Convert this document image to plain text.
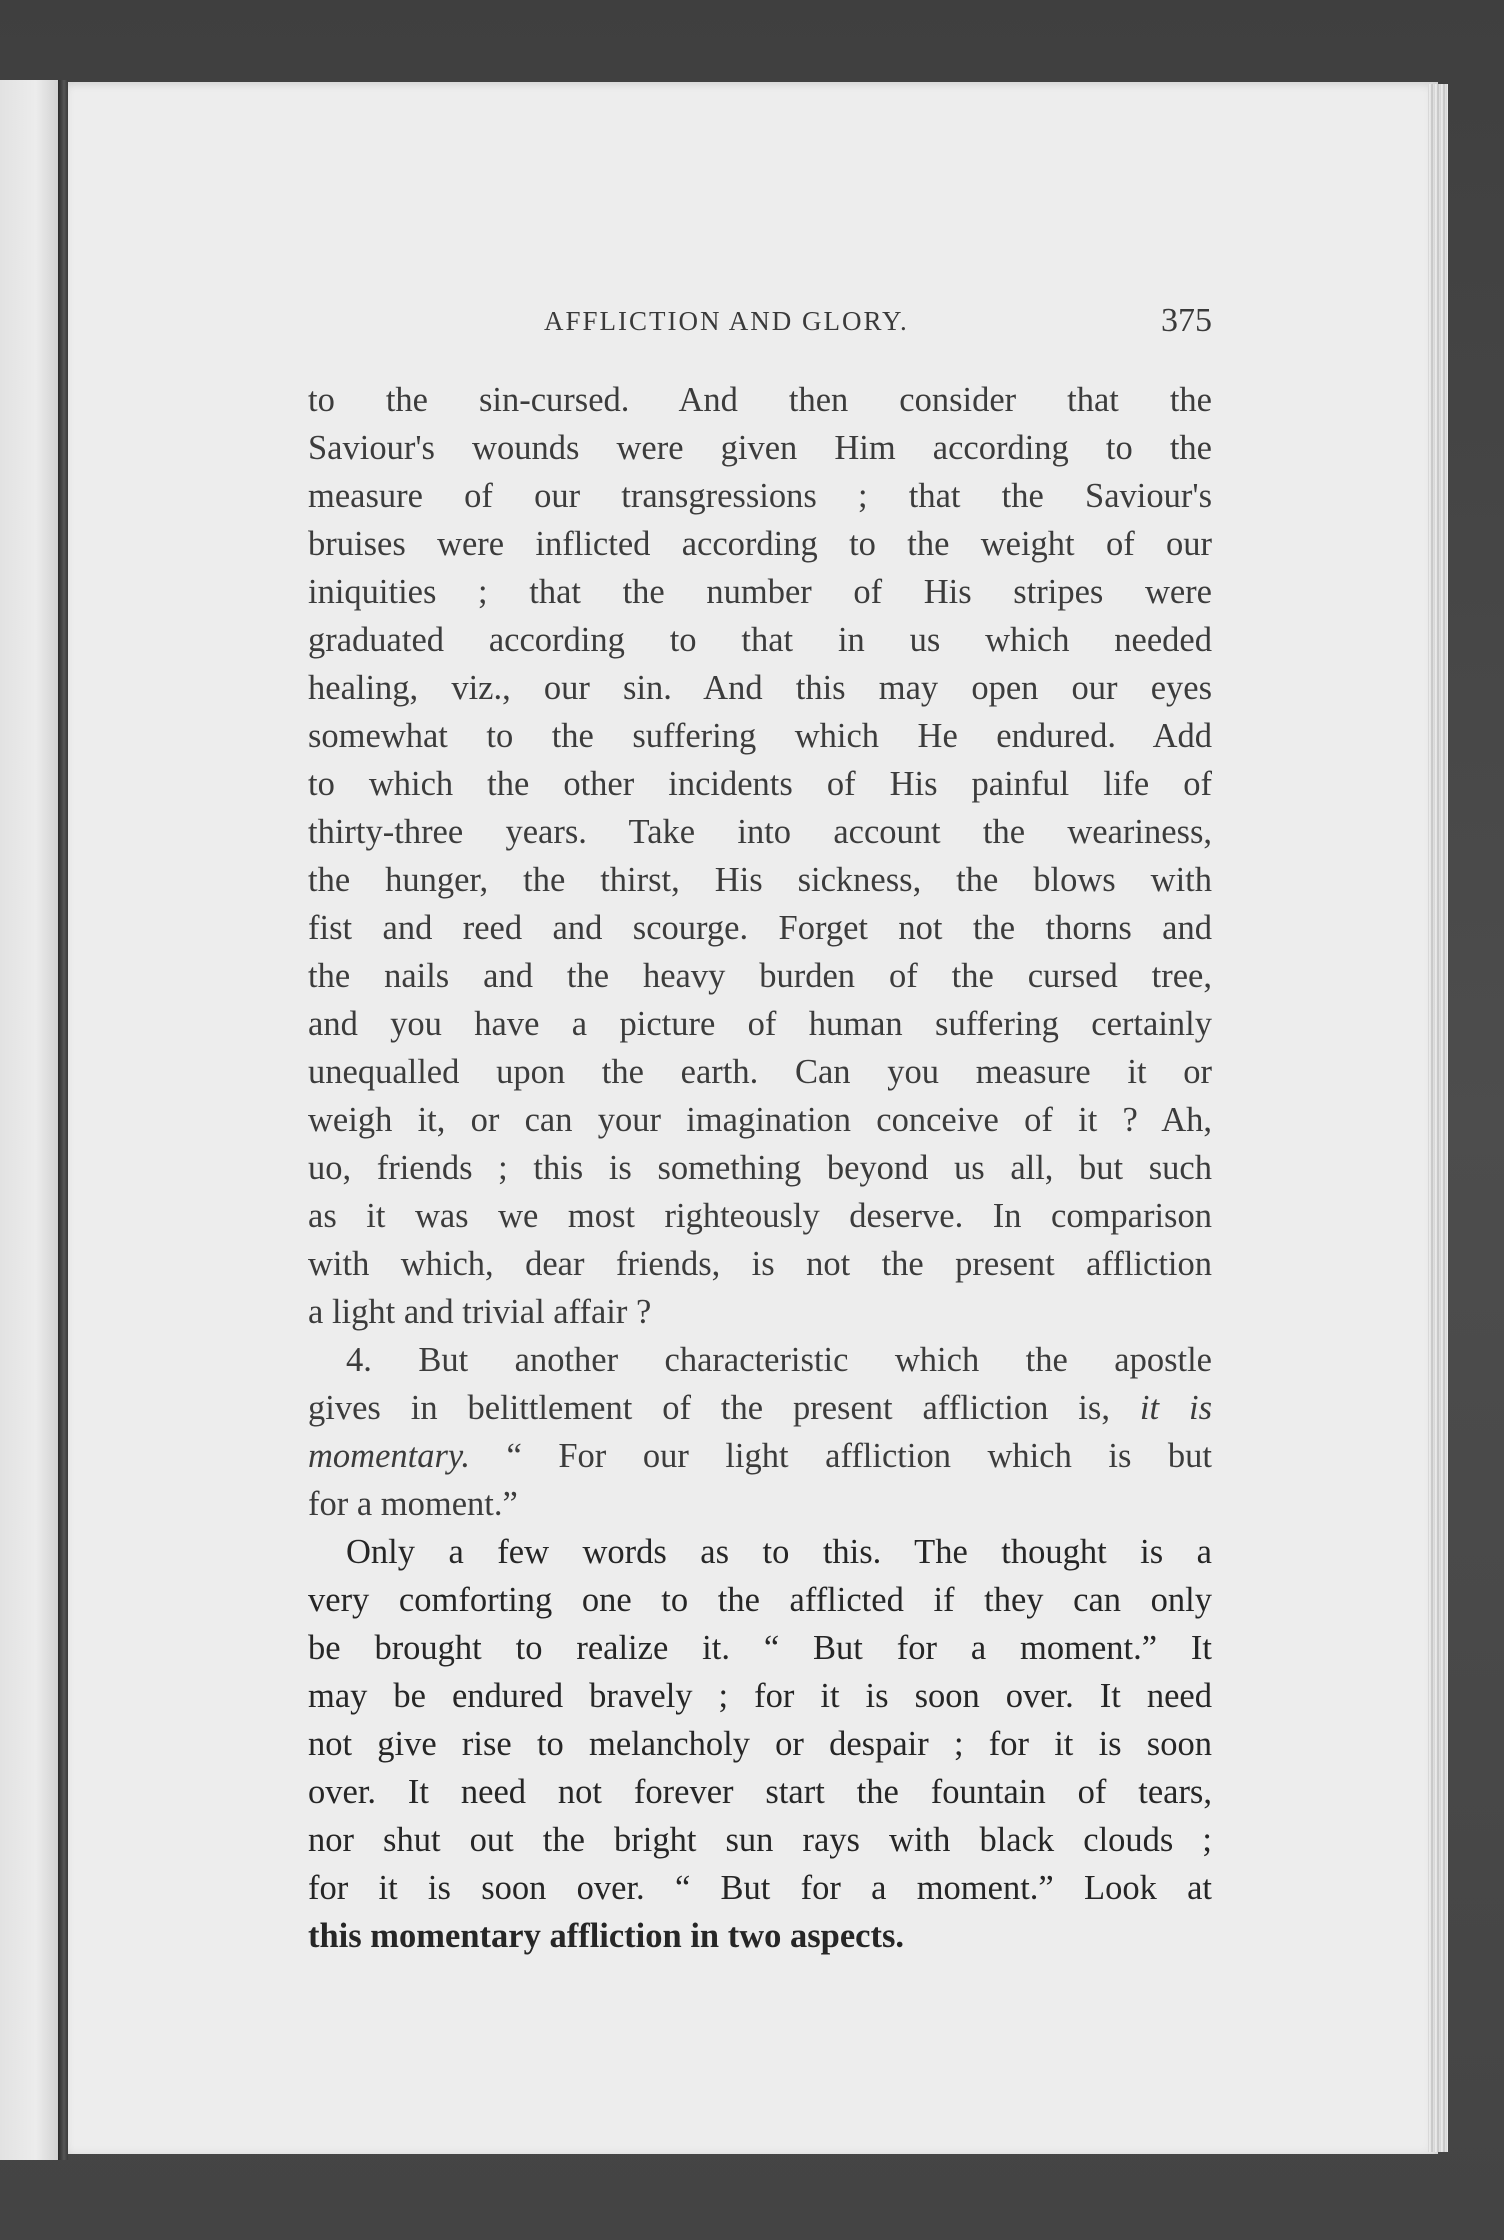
AFFLICTION AND GLORY.	375
to the sin-cursed. And then consider that the
Saviour's wounds were given Him according to the
measure of our transgressions ; that the Saviour's
bruises were inflicted according to the weight of our
iniquities ; that the number of His stripes were
graduated according to that in us which needed
healing, viz., our sin. And this may open our eyes
somewhat to the suffering which He endured. Add
to which the other incidents of His painful life of
thirty-three years. Take into account the weariness,
the hunger, the thirst, His sickness, the blows with
fist and reed and scourge. Forget not the thorns and
the nails and the heavy burden of the cursed tree,
and you have a picture of human suffering certainly
unequalled upon the earth. Can you measure it or
weigh it, or can your imagination conceive of it ? Ah,
uo, friends ; this is something beyond us all, but such
as it was we most righteously deserve. In comparison
with which, dear friends, is not the present affliction
a light and trivial affair ?
4. But another characteristic which the apostle
gives in belittlement of the present affliction is, it is
momentary. “ For our light affliction which is but
for a moment.”
Only a few words as to this. The thought is a
very comforting one to the afflicted if they can only
be brought to realize it. “ But for a moment.” It
may be endured bravely ; for it is soon over. It need
not give rise to melancholy or despair ; for it is soon
over. It need not forever start the fountain of tears,
nor shut out the bright sun rays with black clouds ;
for it is soon over. “ But for a moment.” Look at
this momentary affliction in two aspects.
